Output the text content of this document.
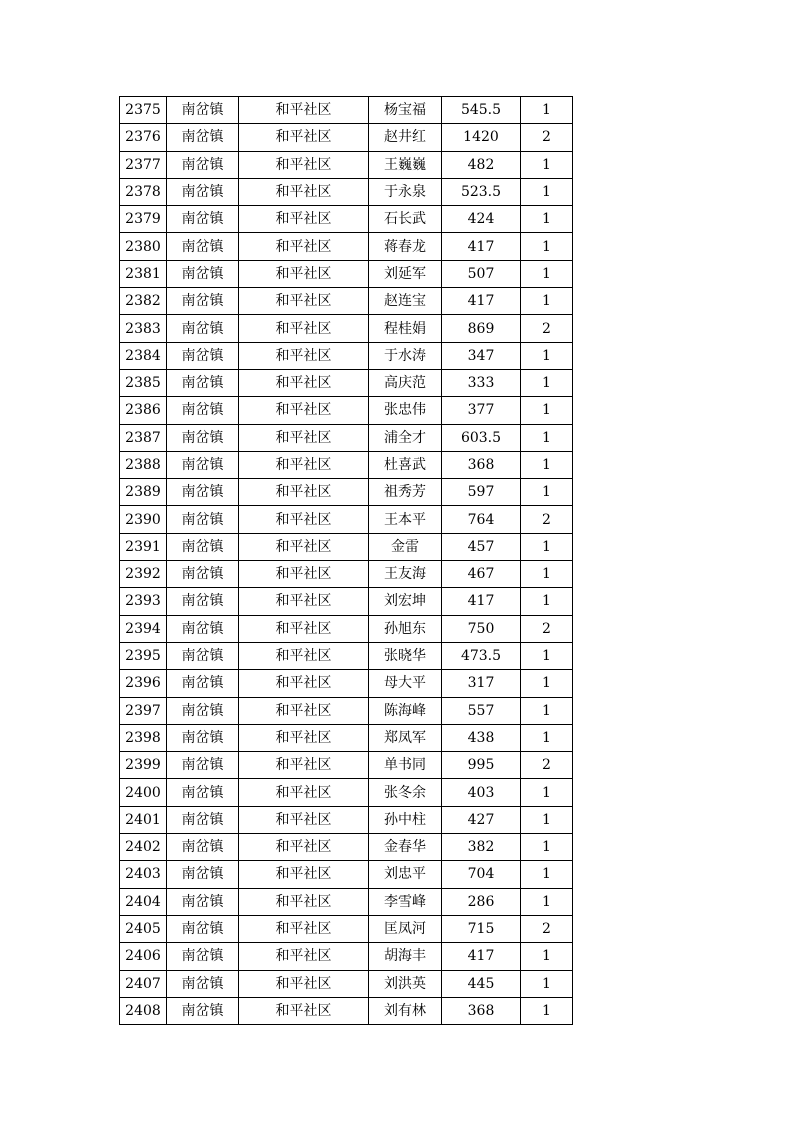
2375	南岔镇	和平社区	杨宝福	545.5	1
2376	南岔镇	和平社区	赵井红	1420	2
2377	南岔镇	和平社区	王巍巍	482	1
2378	南岔镇	和平社区	于永泉	523.5	1
2379	南岔镇	和平社区	石长武	424	1
2380	南岔镇	和平社区	蒋春龙	417	1
2381	南岔镇	和平社区	刘延军	507	1
2382	南岔镇	和平社区	赵连宝	417	1
2383	南岔镇	和平社区	程桂娟	869	2
2384	南岔镇	和平社区	于水涛	347	1
2385	南岔镇	和平社区	高庆范	333	1
2386	南岔镇	和平社区	张忠伟	377	1
2387	南岔镇	和平社区	浦全才	603.5	1
2388	南岔镇	和平社区	杜喜武	368	1
2389	南岔镇	和平社区	祖秀芳	597	1
2390	南岔镇	和平社区	王本平	764	2
2391	南岔镇	和平社区	金雷	457	1
2392	南岔镇	和平社区	王友海	467	1
2393	南岔镇	和平社区	刘宏坤	417	1
2394	南岔镇	和平社区	孙旭东	750	2
2395	南岔镇	和平社区	张晓华	473.5	1
2396	南岔镇	和平社区	母大平	317	1
2397	南岔镇	和平社区	陈海峰	557	1
2398	南岔镇	和平社区	郑凤军	438	1
2399	南岔镇	和平社区	单书同	995	2
2400	南岔镇	和平社区	张冬余	403	1
2401	南岔镇	和平社区	孙中柱	427	1
2402	南岔镇	和平社区	金春华	382	1
2403	南岔镇	和平社区	刘忠平	704	1
2404	南岔镇	和平社区	李雪峰	286	1
2405	南岔镇	和平社区	匡凤河	715	2
2406	南岔镇	和平社区	胡海丰	417	1
2407	南岔镇	和平社区	刘洪英	445	1
2408	南岔镇	和平社区	刘有林	368	1
